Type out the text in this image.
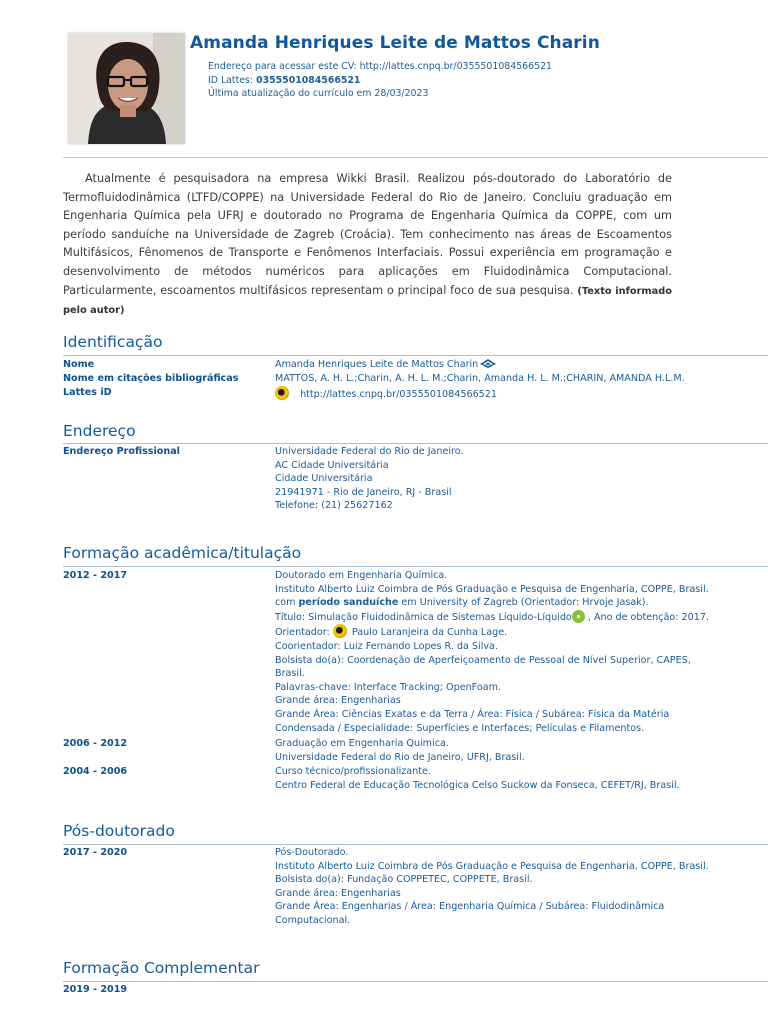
Amanda Henriques Leite de Mattos Charin
Endereço para acessar este CV: http://lattes.cnpq.br/0355501084566521
ID Lattes: 0355501084566521
Última atualização do currículo em 28/03/2023
Atualmente é pesquisadora na empresa Wikki Brasil. Realizou pós-doutorado do Laboratório de Termofluidodinâmica (LTFD/COPPE) na Universidade Federal do Rio de Janeiro. Concluiu graduação em Engenharia Química pela UFRJ e doutorado no Programa de Engenharia Química da COPPE, com um período sanduíche na Universidade de Zagreb (Croácia). Tem conhecimento nas áreas de Escoamentos Multifásicos, Fênomenos de Transporte e Fenômenos Interfaciais. Possui experiência em programação e desenvolvimento de métodos numéricos para aplicações em Fluidodinâmica Computacional. Particularmente, escoamentos multifásicos representam o principal foco de sua pesquisa. (Texto informado pelo autor)
Identificação
Nome	Amanda Henriques Leite de Mattos Charin
Nome em citações bibliográficas	MATTOS, A. H. L.;Charin, A. H. L. M.;Charin, Amanda H. L. M.;CHARIN, AMANDA H.L.M.
Lattes iD	http://lattes.cnpq.br/0355501084566521
Endereço
Endereço Profissional	Universidade Federal do Rio de Janeiro.
AC Cidade Universitária
Cidade Universitária
21941971 - Rio de Janeiro, RJ - Brasil
Telefone: (21) 25627162
Formação acadêmica/titulação
2012 - 2017	Doutorado em Engenharia Química.
Instituto Alberto Luiz Coimbra de Pós Graduação e Pesquisa de Engenharia, COPPE, Brasil.
com período sanduíche em University of Zagreb (Orientador: Hrvoje Jasak).
Título: Simulação Fluidodinâmica de Sistemas Líquido-Líquido , Ano de obtenção: 2017.
Orientador:  Paulo Laranjeira da Cunha Lage.
Coorientador: Luiz Fernando Lopes R. da Silva.
Bolsista do(a): Coordenação de Aperfeiçoamento de Pessoal de Nível Superior, CAPES,
Brasil.
Palavras-chave: Interface Tracking; OpenFoam.
Grande área: Engenharias
Grande Área: Ciências Exatas e da Terra / Área: Física / Subárea: Física da Matéria
Condensada / Especialidade: Superfícies e Interfaces; Películas e Filamentos.
2006 - 2012	Graduação em Engenharia Química.
Universidade Federal do Rio de Janeiro, UFRJ, Brasil.
2004 - 2006	Curso técnico/profissionalizante.
Centro Federal de Educação Tecnológica Celso Suckow da Fonseca, CEFET/RJ, Brasil.
Pós-doutorado
2017 - 2020	Pós-Doutorado.
Instituto Alberto Luiz Coimbra de Pós Graduação e Pesquisa de Engenharia, COPPE, Brasil.
Bolsista do(a): Fundação COPPETEC, COPPETE, Brasil.
Grande área: Engenharias
Grande Área: Engenharias / Área: Engenharia Química / Subárea: Fluidodinâmica
Computacional.
Formação Complementar
2019 - 2019
